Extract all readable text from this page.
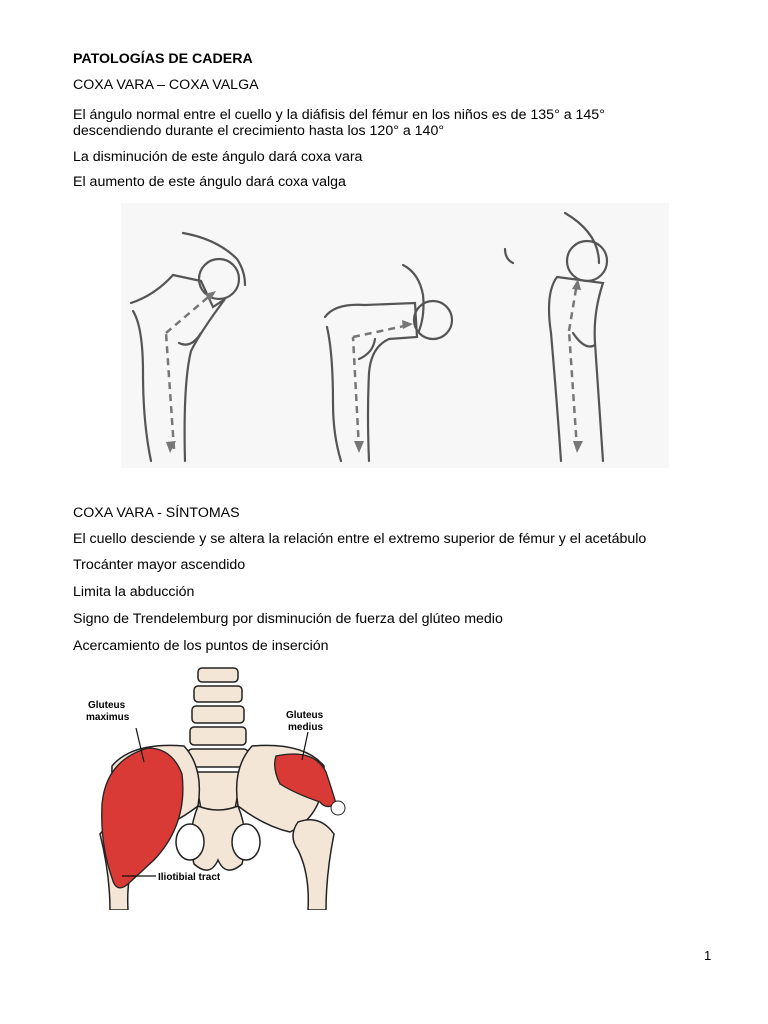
PATOLOGÍAS DE CADERA
COXA VARA – COXA VALGA
El ángulo normal entre el cuello y la diáfisis del fémur en los niños es de 135° a 145°
descendiendo durante el crecimiento hasta los 120° a 140°
La disminución de este ángulo dará coxa vara
El aumento de este ángulo dará coxa valga
COXA VARA - SÍNTOMAS
El cuello desciende y se altera la relación entre el extremo superior de fémur y el acetábulo
Trocánter mayor ascendido
Limita la abducción
Signo de Trendelemburg por disminución de fuerza del glúteo medio
Acercamiento de los puntos de inserción
Gluteus
maximus	Gluteus
medius
Iliotibial tract
1
